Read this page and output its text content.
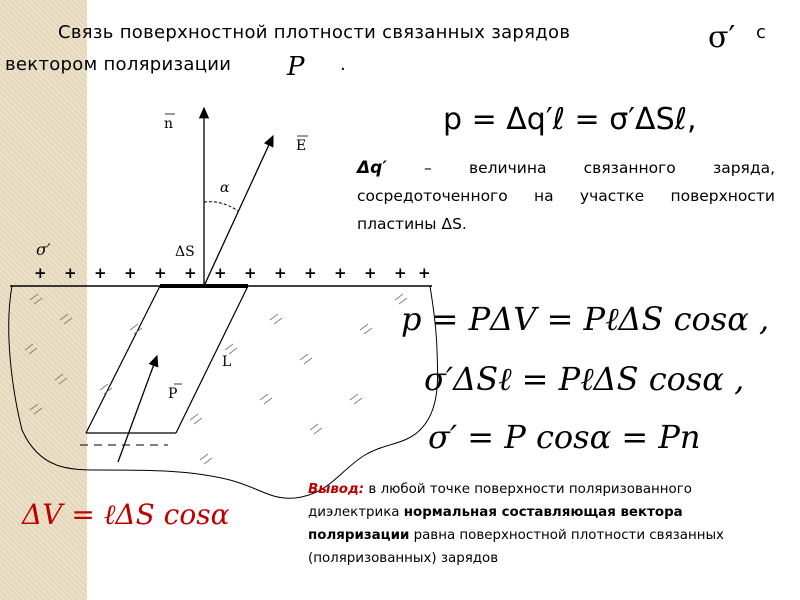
Связь поверхностной плотности связанных зарядов	σ′ с
вектором поляризации P .
n
E
α
ΔS
σ′
L
P
+ + + + + + + + + + + + + +
p = Δq′ℓ = σ′ΔSℓ,
p = PΔV = PℓΔS cosα ,
σ′ΔSℓ = PℓΔS cosα ,
σ′ = P cosα = Pn
ΔV = ℓΔS cosα
Δq′ – величина связанного заряда, сосредоточенного на участке поверхности пластины ΔS.
Вывод: в любой точке поверхности поляризованного диэлектрика нормальная составляющая вектора поляризации равна поверхностной плотности связанных (поляризованных) зарядов
